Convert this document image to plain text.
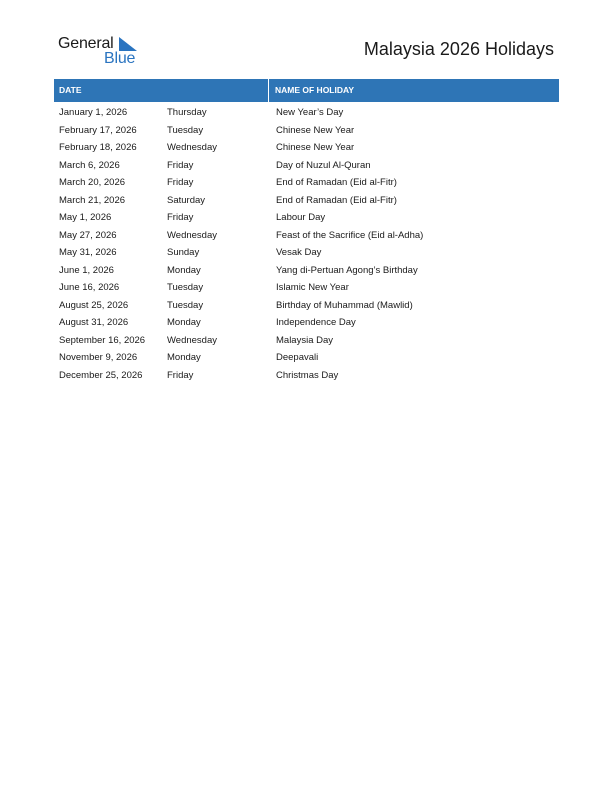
General
Blue	Malaysia 2026 Holidays
DATE	NAME OF HOLIDAY
January 1, 2026	Thursday	New Year’s Day
February 17, 2026	Tuesday	Chinese New Year
February 18, 2026	Wednesday	Chinese New Year
March 6, 2026	Friday	Day of Nuzul Al-Quran
March 20, 2026	Friday	End of Ramadan (Eid al-Fitr)
March 21, 2026	Saturday	End of Ramadan (Eid al-Fitr)
May 1, 2026	Friday	Labour Day
May 27, 2026	Wednesday	Feast of the Sacrifice (Eid al-Adha)
May 31, 2026	Sunday	Vesak Day
June 1, 2026	Monday	Yang di-Pertuan Agong’s Birthday
June 16, 2026	Tuesday	Islamic New Year
August 25, 2026	Tuesday	Birthday of Muhammad (Mawlid)
August 31, 2026	Monday	Independence Day
September 16, 2026	Wednesday	Malaysia Day
November 9, 2026	Monday	Deepavali
December 25, 2026	Friday	Christmas Day
